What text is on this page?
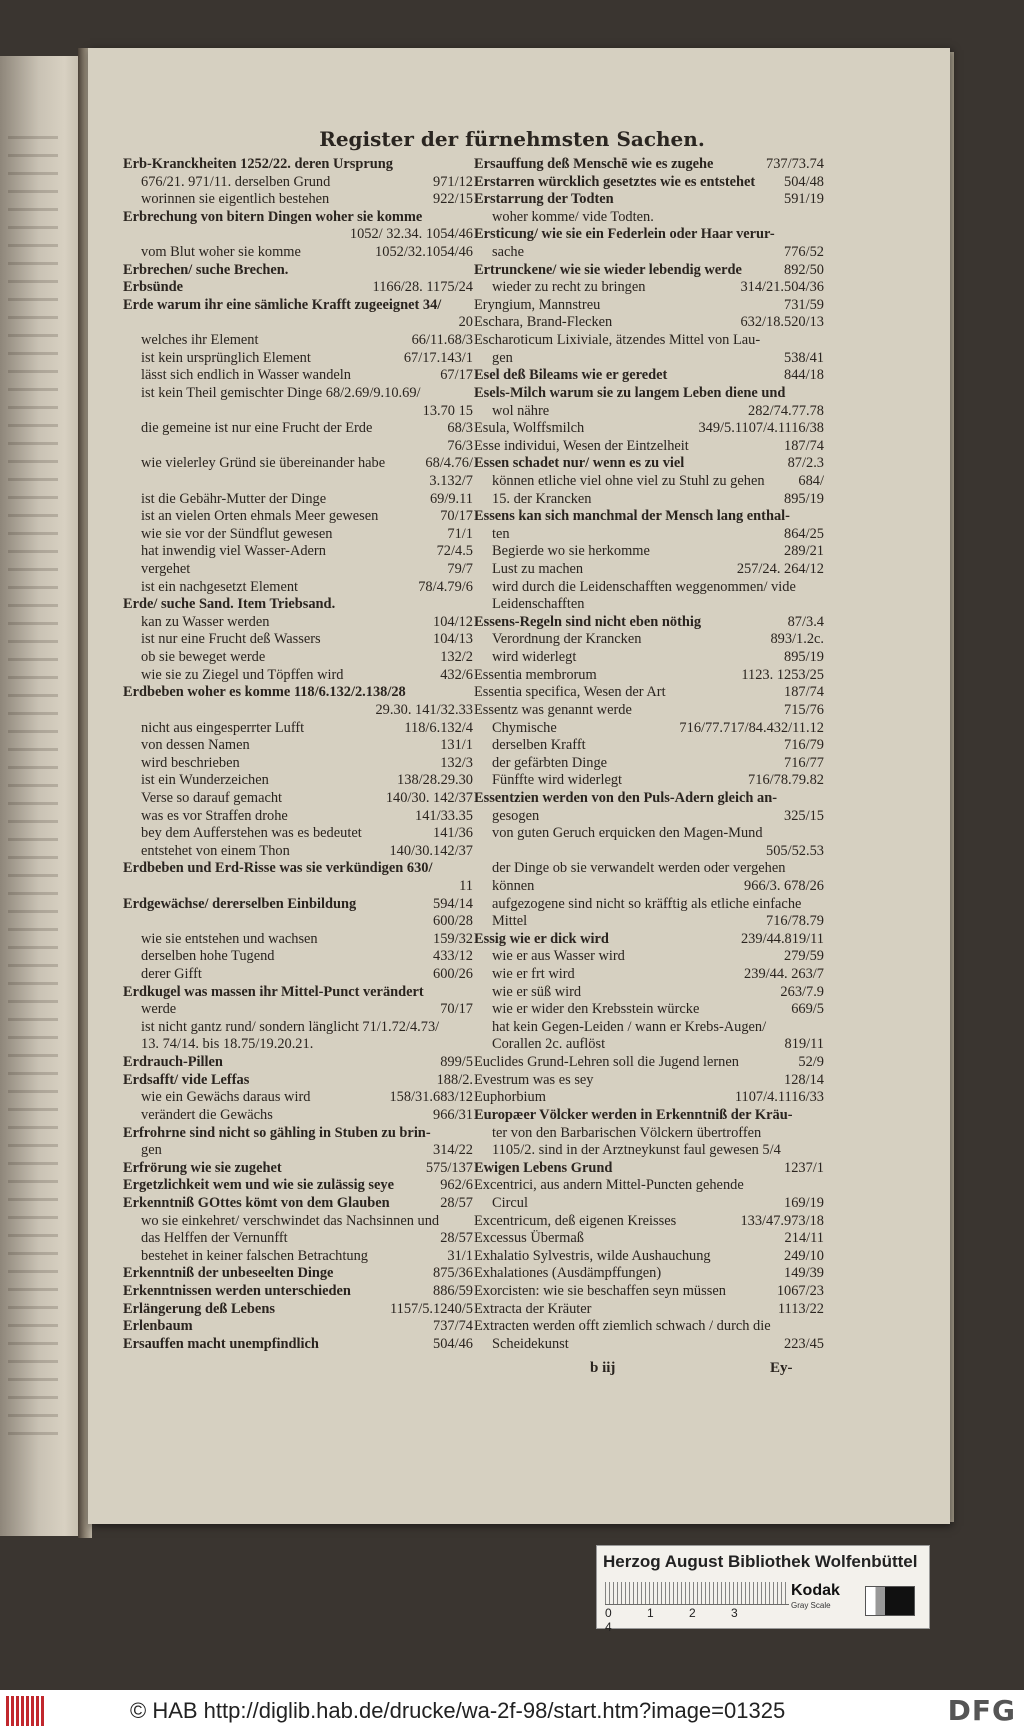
Register der fürnehmsten Sachen.
Erb-Kranckheiten 1252/22. deren Ursprung
676/21. 971/11. derselben Grund	971/12
worinnen sie eigentlich bestehen	922/15
Erbrechung von bitern Dingen woher sie komme
1052/ 32.34. 1054/46
vom Blut woher sie komme	1052/32.1054/46
Erbrechen/ suche Brechen.
Erbsünde	1166/28. 1175/24
Erde warum ihr eine sämliche Krafft zugeeignet 34/
20
welches ihr Element	66/11.68/3
ist kein ursprünglich Element	67/17.143/1
lässt sich endlich in Wasser wandeln	67/17
ist kein Theil gemischter Dinge 68/2.69/9.10.69/
13.70 15
die gemeine ist nur eine Frucht der Erde	68/3
76/3
wie vielerley Gründ sie übereinander habe	68/4.76/
3.132/7
ist die Gebähr-Mutter der Dinge	69/9.11
ist an vielen Orten ehmals Meer gewesen	70/17
wie sie vor der Sündflut gewesen	71/1
hat inwendig viel Wasser-Adern	72/4.5
vergehet	79/7
ist ein nachgesetzt Element	78/4.79/6
Erde/ suche Sand. Item Triebsand.
kan zu Wasser werden	104/12
ist nur eine Frucht deß Wassers	104/13
ob sie beweget werde	132/2
wie sie zu Ziegel und Töpffen wird	432/6
Erdbeben woher es komme 118/6.132/2.138/28
29.30. 141/32.33
nicht aus eingesperrter Lufft	118/6.132/4
von dessen Namen	131/1
wird beschrieben	132/3
ist ein Wunderzeichen	138/28.29.30
Verse so darauf gemacht	140/30. 142/37
was es vor Straffen drohe	141/33.35
bey dem Aufferstehen was es bedeutet	141/36
entstehet von einem Thon	140/30.142/37
Erdbeben und Erd-Risse was sie verkündigen 630/
11
Erdgewächse/ dererselben Einbildung	594/14
600/28
wie sie entstehen und wachsen	159/32
derselben hohe Tugend	433/12
derer Gifft	600/26
Erdkugel was massen ihr Mittel-Punct verändert
werde	70/17
ist nicht gantz rund/ sondern länglicht 71/1.72/4.73/
13. 74/14. bis 18.75/19.20.21.
Erdrauch-Pillen	899/5
Erdsafft/ vide Leffas	188/2.
wie ein Gewächs daraus wird	158/31.683/12
verändert die Gewächs	966/31
Erfrohrne sind nicht so gähling in Stuben zu brin-
gen	314/22
Erfrörung wie sie zugehet	575/137
Ergetzlichkeit wem und wie sie zulässig seye	962/6
Erkenntniß GOttes kömt von dem Glauben	28/57
wo sie einkehret/ verschwindet das Nachsinnen und
das Helffen der Vernunfft	28/57
bestehet in keiner falschen Betrachtung	31/1
Erkenntniß der unbeseelten Dinge	875/36
Erkenntnissen werden unterschieden	886/59
Erlängerung deß Lebens	1157/5.1240/5
Erlenbaum	737/74
Ersauffen macht unempfindlich	504/46
Ersauffung deß Menschē wie es zugehe	737/73.74
Erstarren würcklich gesetztes wie es entstehet 504/48
Erstarrung der Todten	591/19
woher komme/ vide Todten.
Ersticung/ wie sie ein Federlein oder Haar verur-
sache	776/52
Ertrunckene/ wie sie wieder lebendig werde	892/50
wieder zu recht zu bringen	314/21.504/36
Eryngium, Mannstreu	731/59
Eschara, Brand-Flecken	632/18.520/13
Escharoticum Lixiviale, ätzendes Mittel von Lau-
gen	538/41
Esel deß Bileams wie er geredet	844/18
Esels-Milch warum sie zu langem Leben diene und
wol nähre	282/74.77.78
Esula, Wolffsmilch	349/5.1107/4.1116/38
Esse individui, Wesen der Eintzelheit	187/74
Essen schadet nur/ wenn es zu viel	87/2.3
können etliche viel ohne viel zu Stuhl zu gehen 684/
15. der Krancken	895/19
Essens kan sich manchmal der Mensch lang enthal-
ten	864/25
Begierde wo sie herkomme	289/21
Lust zu machen	257/24. 264/12
wird durch die Leidenschafften weggenommen/ vide
Leidenschafften
Essens-Regeln sind nicht eben nöthig	87/3.4
Verordnung der Krancken	893/1.2c.
wird widerlegt	895/19
Essentia membrorum	1123. 1253/25
Essentia specifica, Wesen der Art	187/74
Essentz was genannt werde	715/76
Chymische	716/77.717/84.432/11.12
derselben Krafft	716/79
der gefärbten Dinge	716/77
Fünffte wird widerlegt	716/78.79.82
Essentzien werden von den Puls-Adern gleich an-
gesogen	325/15
von guten Geruch erquicken den Magen-Mund
505/52.53
der Dinge ob sie verwandelt werden oder vergehen
können	966/3. 678/26
aufgezogene sind nicht so kräfftig als etliche einfache
Mittel	716/78.79
Essig wie er dick wird	239/44.819/11
wie er aus Wasser wird	279/59
wie er frt wird	239/44. 263/7
wie er süß wird	263/7.9
wie er wider den Krebsstein würcke	669/5
hat kein Gegen-Leiden / wann er Krebs-Augen/
Corallen 2c. auflöst	819/11
Euclides Grund-Lehren soll die Jugend lernen	52/9
Evestrum was es sey	128/14
Euphorbium	1107/4.1116/33
Europæer Völcker werden in Erkenntniß der Kräu-
ter von den Barbarischen Völckern übertroffen
1105/2. sind in der Arztneykunst faul gewesen 5/4
Ewigen Lebens Grund	1237/1
Excentrici, aus andern Mittel-Puncten gehende
Circul	169/19
Excentricum, deß eigenen Kreisses	133/47.973/18
Excessus Übermaß	214/11
Exhalatio Sylvestris, wilde Aushauchung	249/10
Exhalationes (Ausdämpffungen)	149/39
Exorcisten: wie sie beschaffen seyn müssen	1067/23
Extracta der Kräuter	1113/22
Extracten werden offt ziemlich schwach / durch die
Scheidekunst	223/45
b iij	Ey-
Herzog August Bibliothek Wolfenbüttel
0	1	2	34
Kodak
Gray Scale
© HAB http://diglib.hab.de/drucke/wa-2f-98/start.htm?image=01325	DFG
